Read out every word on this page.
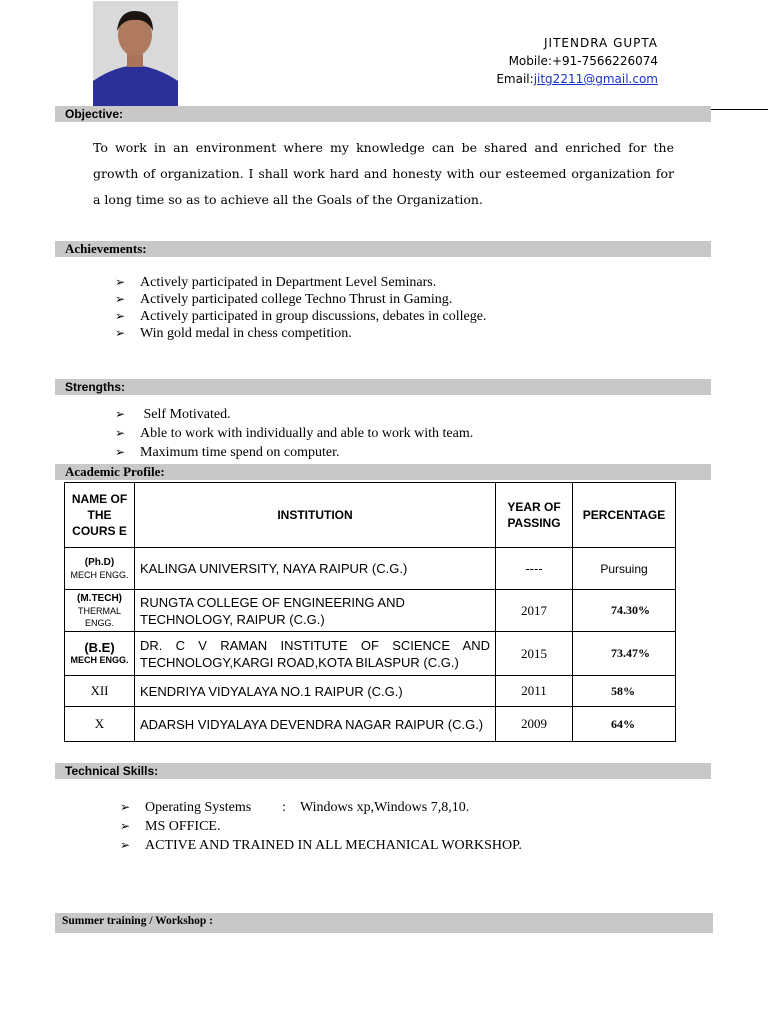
JITENDRA GUPTA
Mobile:+91-7566226074
Email:jitg2211@gmail.com
Objective:
To work in an environment where my knowledge can be shared and enriched for the growth of organization. I shall work hard and honesty with our esteemed organization for a long time so as to achieve all the Goals of the Organization.
Achievements:
➢ Actively participated in Department Level Seminars.
➢ Actively participated college Techno Thrust in Gaming.
➢ Actively participated in group discussions, debates in college.
➢ Win gold medal in chess competition.
Strengths:
➢ Self Motivated.
➢ Able to work with individually and able to work with team.
➢ Maximum time spend on computer.
Academic Profile:
NAME OF THE COURS E	INSTITUTION	YEAR OF PASSING	PERCENTAGE

(Ph.D)
MECH ENGG.	KALINGA UNIVERSITY, NAYA RAIPUR (C.G.)	----	Pursuing

(M.TECH)
THERMAL ENGG.	RUNGTA COLLEGE OF ENGINEERING AND TECHNOLOGY, RAIPUR (C.G.)	2017	74.30%

(B.E)
MECH ENGG.	DR. C V RAMAN INSTITUTE OF SCIENCE AND TECHNOLOGY,KARGI ROAD,KOTA BILASPUR (C.G.)	2015	73.47%
XII	KENDRIYA VIDYALAYA NO.1 RAIPUR (C.G.)	2011	58%
X	ADARSH VIDYALAYA DEVENDRA NAGAR RAIPUR (C.G.)	2009	64%
Technical Skills:
➢ Operating Systems : Windows xp,Windows 7,8,10.
➢ MS OFFICE.
➢ ACTIVE AND TRAINED IN ALL MECHANICAL WORKSHOP.
Summer training / Workshop :
